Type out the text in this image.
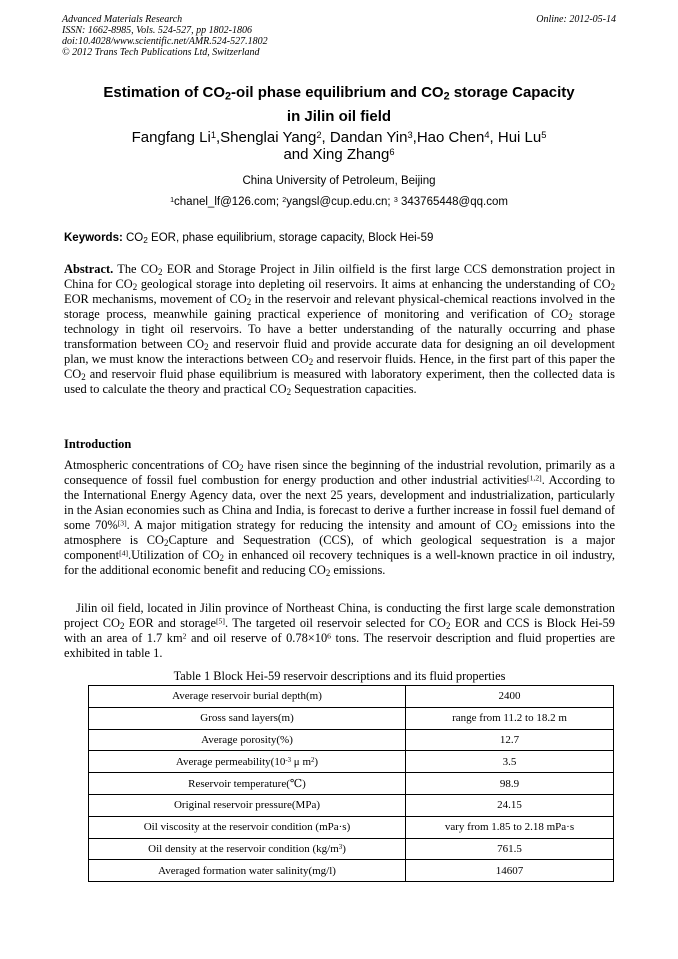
Advanced Materials Research
ISSN: 1662-8985, Vols. 524-527, pp 1802-1806
doi:10.4028/www.scientific.net/AMR.524-527.1802
© 2012 Trans Tech Publications Ltd, Switzerland
Online: 2012-05-14
Estimation of $CO_2$-oil phase equilibrium and $CO_2$ storage Capacity
in Jilin oil field
Fangfang Li$^1$,Shenglai Yang$^2$, Dandan Yin$^3$,Hao Chen$^4$, Hui Lu$^5$
and Xing Zhang$^6$
China University of Petroleum, Beijing
$^1$chanel_lf@126.com; $^2$yangsl@cup.edu.cn; $^3$ 343765448@qq.com
Keywords: $CO_2$ EOR, phase equilibrium, storage capacity, Block Hei-59
Abstract. The $CO_2$ EOR and Storage Project in Jilin oilfield is the first large CCS demonstration project in China for $CO_2$ geological storage into depleting oil reservoirs. It aims at enhancing the understanding of $CO_2$ EOR mechanisms, movement of $CO_2$ in the reservoir and relevant physical-chemical reactions involved in the storage process, meanwhile gaining practical experience of monitoring and verification of $CO_2$ storage technology in tight oil reservoirs. To have a better understanding of the naturally occurring and phase transformation between $CO_2$ and reservoir fluid and provide accurate data for designing an oil development plan, we must know the interactions between $CO_2$ and reservoir fluids. Hence, in the first part of this paper the $CO_2$ and reservoir fluid phase equilibrium is measured with laboratory experiment, then the collected data is used to calculate the theory and practical $CO_2$ Sequestration capacities.
Introduction
Atmospheric concentrations of $CO_2$ have risen since the beginning of the industrial revolution, primarily as a consequence of fossil fuel combustion for energy production and other industrial activities[1,2]. According to the International Energy Agency data, over the next 25 years, development and industrialization, particularly in the Asian economies such as China and India, is forecast to derive a further increase in fossil fuel demand of some 70%[3]. A major mitigation strategy for reducing the intensity and amount of $CO_2$ emissions into the atmosphere is $CO_2Capture$ and Sequestration (CCS), of which geological sequestration is a major component[4].Utilization of $CO_2$ in enhanced oil recovery techniques is a well-known practice in oil industry, for the additional economic benefit and reducing $CO_2$ emissions.
Jilin oil field, located in Jilin province of Northeast China, is conducting the first large scale demonstration project $CO_2$ EOR and storage[5]. The targeted oil reservoir selected for $CO_2$ EOR and CCS is Block Hei-59 with an area of 1.7 $km^2$ and oil reserve of $0.78\times 10^6$ tons. The reservoir description and fluid properties are exhibited in table 1.
Table 1 Block Hei-59 reservoir descriptions and its fluid properties
Average reservoir burial depth(m)	2400
Gross sand layers(m)	range from 11.2 to 18.2 m
Average porosity(%)	12.7
Average $permeability(10^{-3}$ μ $m^2$)	3.5
Reservoir temperature(℃)	98.9
Original reservoir pressure(MPa)	24.15
Oil viscosity at the reservoir condition (mPa·s)	vary from 1.85 to 2.18 mPa·s
Oil density at the reservoir condition $(kg/m^3)$	761.5
Averaged formation water salinity(mg/l)	14607
